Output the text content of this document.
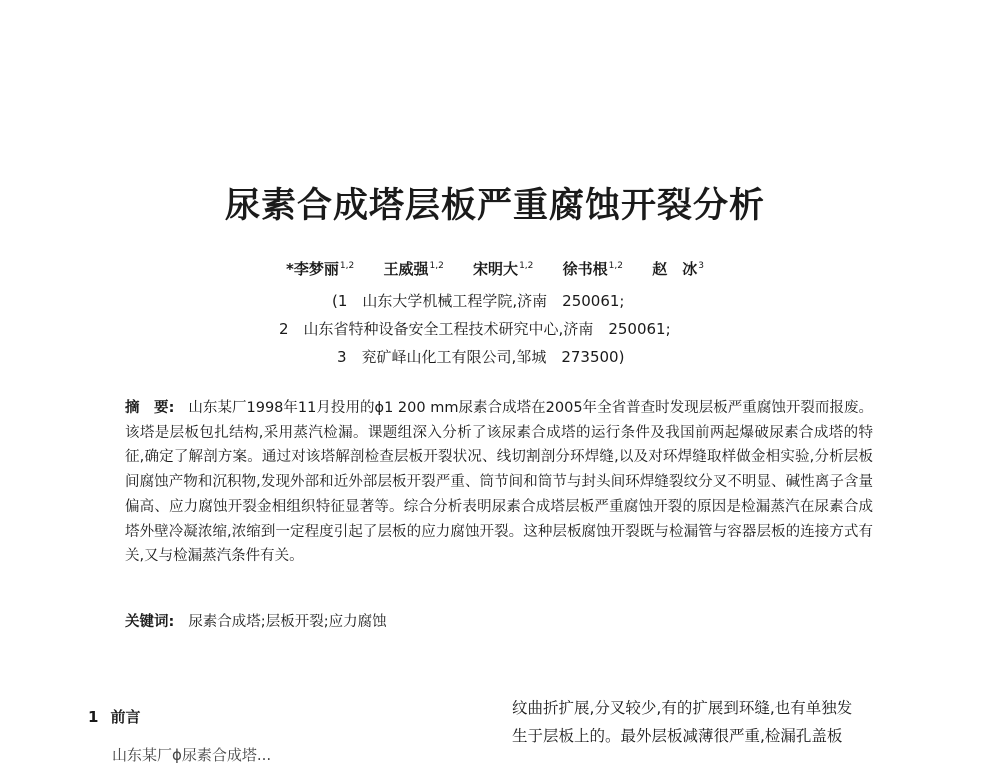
尿素合成塔层板严重腐蚀开裂分析
*李梦丽$^{1,2}$ 王威强$^{1,2}$ 宋明大$^{1,2}$ 徐书根$^{1,2}$ 赵　冰$^3$
(1　山东大学机械工程学院,济南　250061;
2　山东省特种设备安全工程技术研究中心,济南　250061;
3　兖矿峄山化工有限公司,邹城　273500)
摘　要: 山东某厂1998年11月投用的ϕ1 200 mm尿素合成塔在2005年全省普查时发现层板严重腐蚀开裂而报废。该塔是层板包扎结构,采用蒸汽检漏。课题组深入分析了该尿素合成塔的运行条件及我国前两起爆破尿素合成塔的特征,确定了解剖方案。通过对该塔解剖检查层板开裂状况、线切割剖分环焊缝,以及对环焊缝取样做金相实验,分析层板间腐蚀产物和沉积物,发现外部和近外部层板开裂严重、筒节间和筒节与封头间环焊缝裂纹分叉不明显、碱性离子含量偏高、应力腐蚀开裂金相组织特征显著等。综合分析表明尿素合成塔层板严重腐蚀开裂的原因是检漏蒸汽在尿素合成塔外壁冷凝浓缩,浓缩到一定程度引起了层板的应力腐蚀开裂。这种层板腐蚀开裂既与检漏管与容器层板的连接方式有关,又与检漏蒸汽条件有关。
关键词: 尿素合成塔;层板开裂;应力腐蚀
1 前言
山东某厂ϕ尿素合成塔...
纹曲折扩展,分叉较少,有的扩展到环缝,也有单独发
生于层板上的。最外层板减薄很严重,检漏孔盖板
